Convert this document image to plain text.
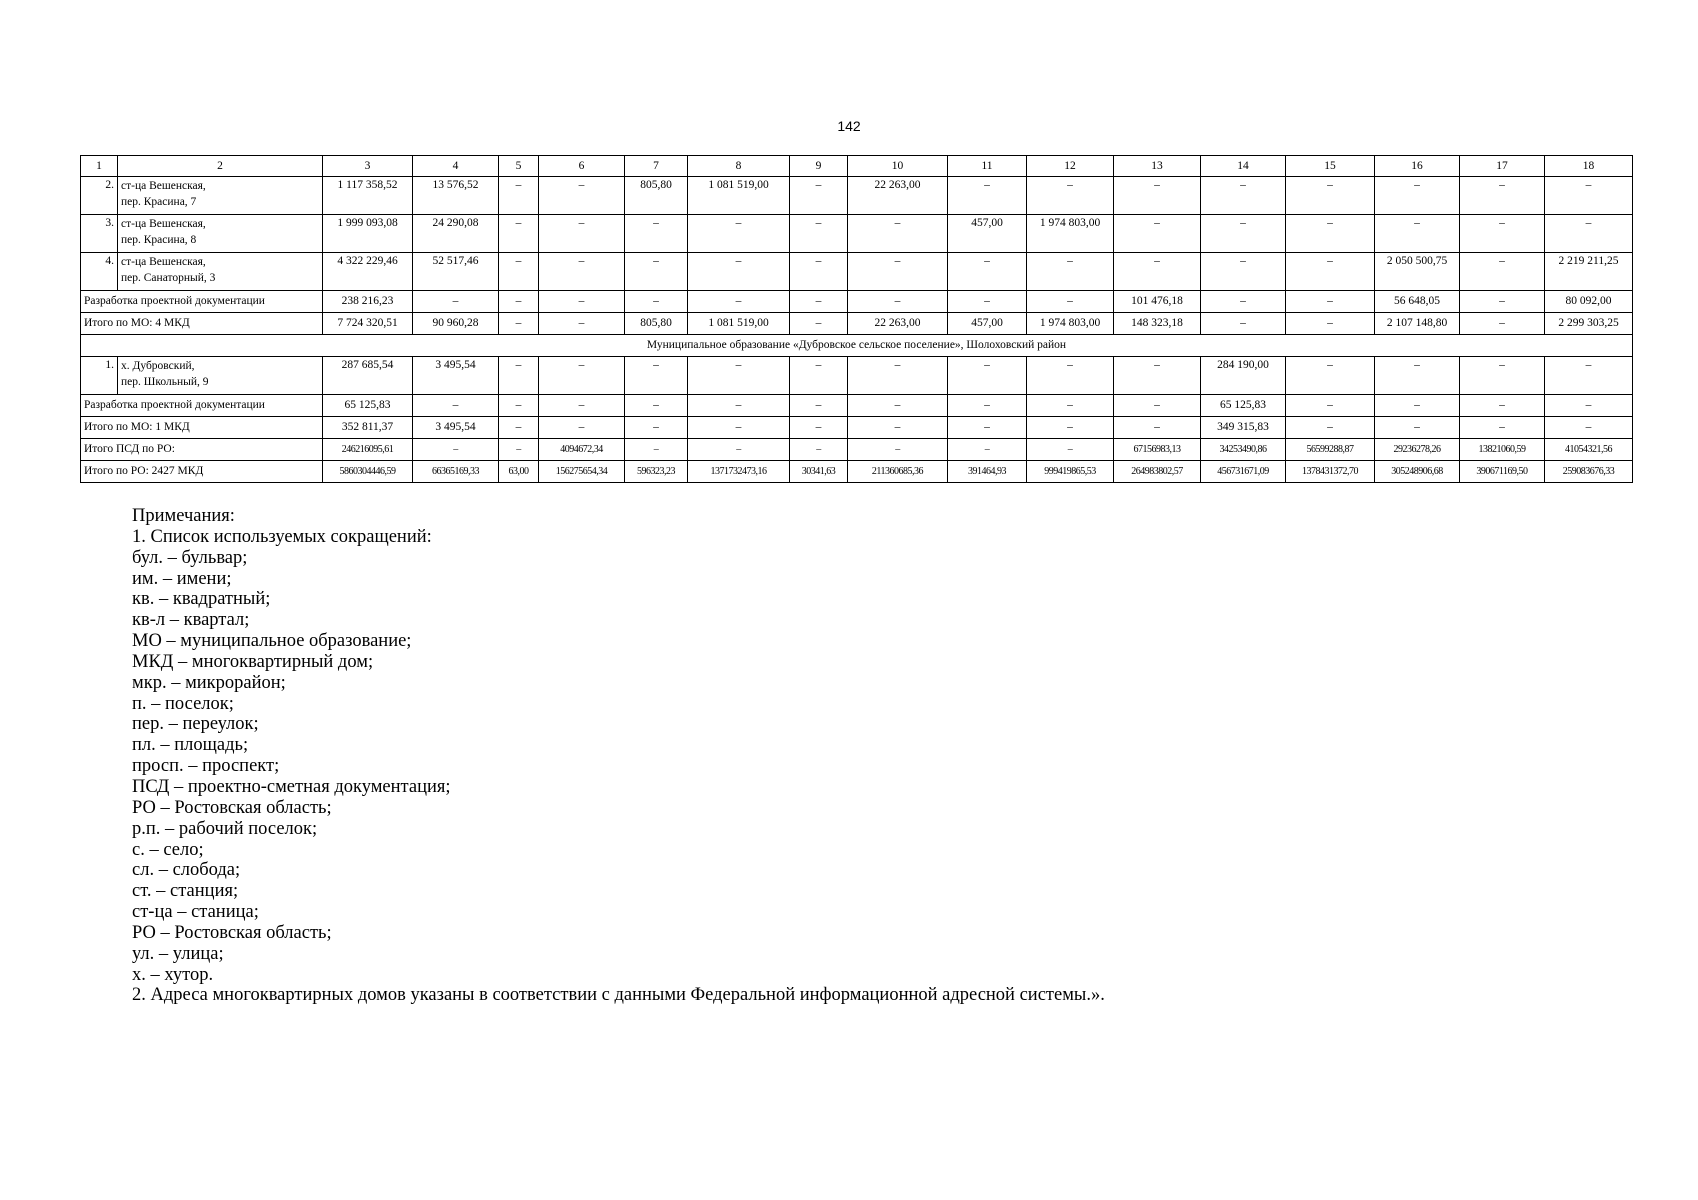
142
1	2	3	4	5	6	7	8	9	10	11	12	13	14	15	16	17	18
2.	ст-ца Вешенская,
пер. Красина, 7	1 117 358,52	13 576,52	–	–	805,80	1 081 519,00	–	22 263,00	–	–	–	–	–	–	–	–
3.	ст-ца Вешенская,
пер. Красина, 8	1 999 093,08	24 290,08	–	–	–	–	–	–	457,00	1 974 803,00	–	–	–	–	–	–
4.	ст-ца Вешенская,
пер. Санаторный, 3	4 322 229,46	52 517,46	–	–	–	–	–	–	–	–	–	–	–	2 050 500,75	–	2 219 211,25
Разработка проектной документации		238 216,23	–	–	–	–	–	–	–	–	–	101 476,18	–	–	56 648,05	–	80 092,00
Итого по МО: 4 МКД		7 724 320,51	90 960,28	–	–	805,80	1 081 519,00	–	22 263,00	457,00	1 974 803,00	148 323,18	–	–	2 107 148,80	–	2 299 303,25
Муниципальное образование «Дубровское сельское поселение», Шолоховский район																	
1.	х. Дубровский,
пер. Школьный, 9	287 685,54	3 495,54	–	–	–	–	–	–	–	–	–	284 190,00	–	–	–	–
Разработка проектной документации		65 125,83	–	–	–	–	–	–	–	–	–	–	65 125,83	–	–	–	–
Итого по МО: 1 МКД		352 811,37	3 495,54	–	–	–	–	–	–	–	–	–	349 315,83	–	–	–	–
Итого ПСД по РО:		246216095,61	–	–	4094672,34	–	–	–	–	–	–	67156983,13	34253490,86	56599288,87	29236278,26	13821060,59	41054321,56
Итого по РО: 2427 МКД		5860304446,59	66365169,33	63,00	156275654,34	596323,23	1371732473,16	30341,63	211360685,36	391464,93	999419865,53	264983802,57	456731671,09	1378431372,70	305248906,68	390671169,50	259083676,33
Примечания:
1. Список используемых сокращений:
бул. – бульвар;
им. – имени;
кв. – квадратный;
кв-л – квартал;
МО – муниципальное образование;
МКД – многоквартирный дом;
мкр. – микрорайон;
п. – поселок;
пер. – переулок;
пл. – площадь;
просп. – проспект;
ПСД – проектно-сметная документация;
РО – Ростовская область;
р.п. – рабочий поселок;
с. – село;
сл. – слобода;
ст. – станция;
ст-ца – станица;
РО – Ростовская область;
ул. – улица;
х. – хутор.
2. Адреса многоквартирных домов указаны в соответствии с данными Федеральной информационной адресной системы.».
